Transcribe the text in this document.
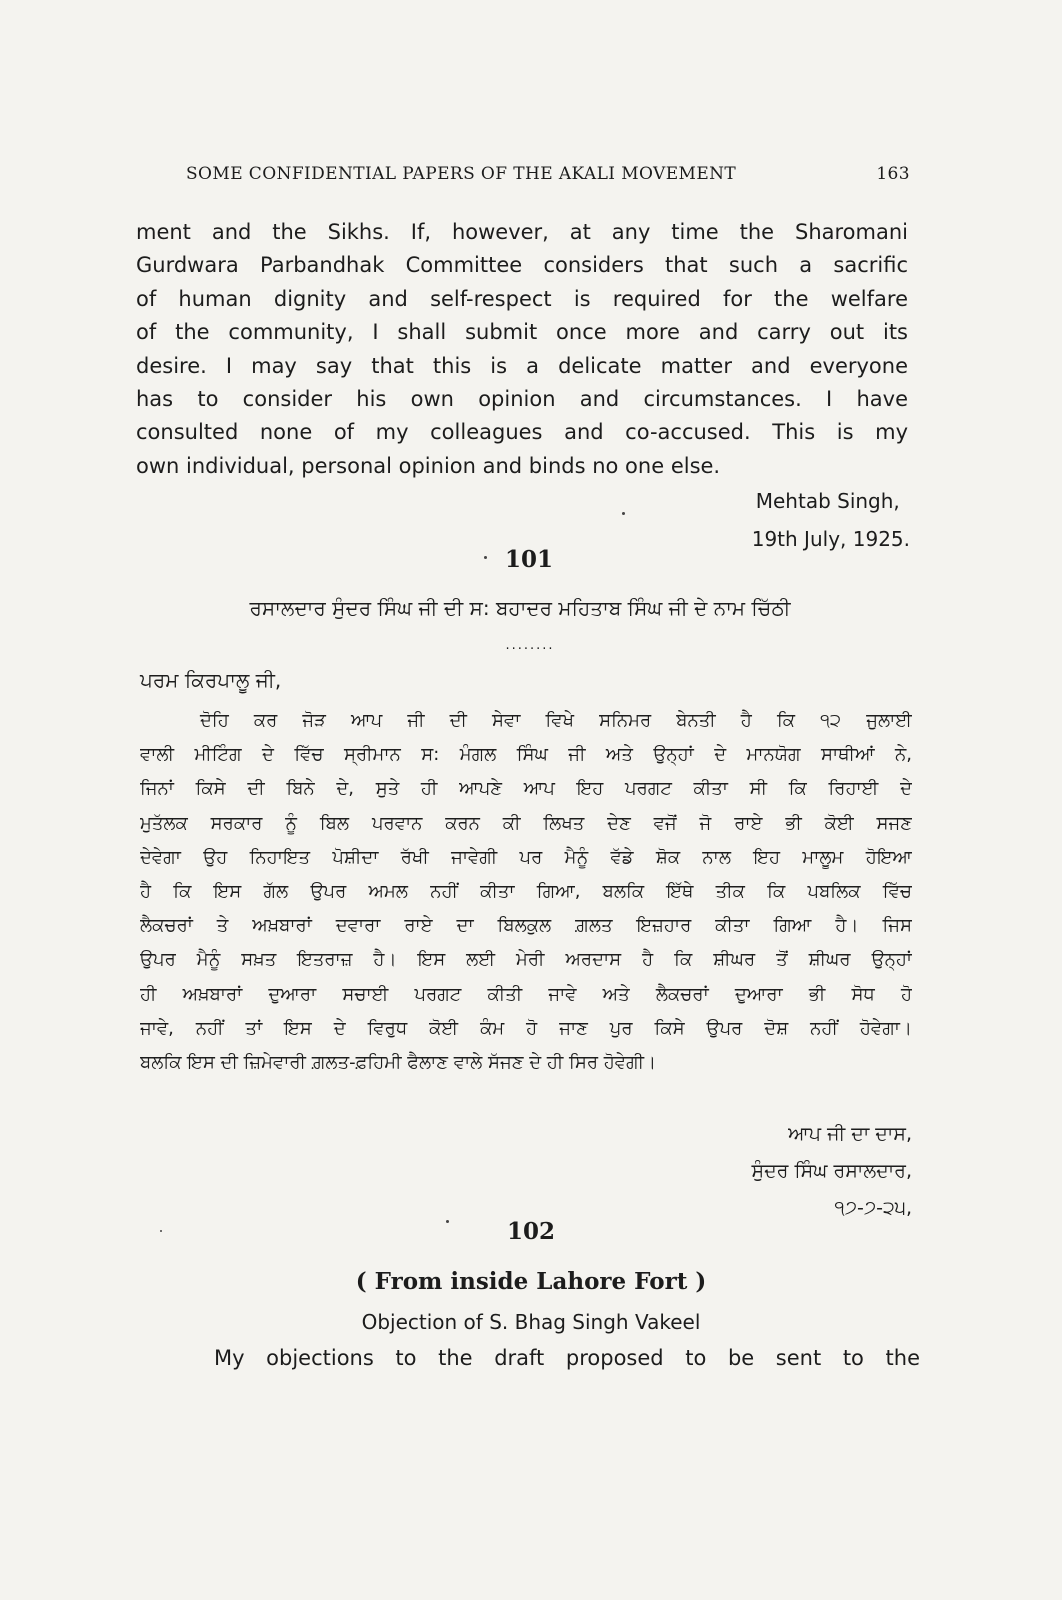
SOME CONFIDENTIAL PAPERS OF THE AKALI MOVEMENT	163
ment and the Sikhs. If, however, at any time the Sharomani
Gurdwara Parbandhak Committee considers that such a sacrific
of human dignity and self-respect is required for the welfare
of the community, I shall submit once more and carry out its
desire. I may say that this is a delicate matter and everyone
has to consider his own opinion and circumstances. I have
consulted none of my colleagues and co-accused. This is my
own individual, personal opinion and binds no one else.
Mehtab Singh,
19th July, 1925.
101
ਰਸਾਲਦਾਰ ਸੁੰਦਰ ਸਿੰਘ ਜੀ ਦੀ ਸ: ਬਹਾਦਰ ਮਹਿਤਾਬ ਸਿੰਘ ਜੀ ਦੇ ਨਾਮ ਚਿੱਠੀ
........
ਪਰਮ ਕਿਰਪਾਲੂ ਜੀ,
ਦੋਹਿ ਕਰ ਜੋੜ ਆਪ ਜੀ ਦੀ ਸੇਵਾ ਵਿਖੇ ਸਨਿਮਰ ਬੇਨਤੀ ਹੈ ਕਿ ੧੨ ਜੁਲਾਈ
ਵਾਲੀ ਮੀਟਿੰਗ ਦੇ ਵਿੱਚ ਸ੍ਰੀਮਾਨ ਸ: ਮੰਗਲ ਸਿੰਘ ਜੀ ਅਤੇ ਉਨ੍ਹਾਂ ਦੇ ਮਾਨਯੋਗ ਸਾਥੀਆਂ ਨੇ,
ਜਿਨਾਂ ਕਿਸੇ ਦੀ ਬਿਨੇ ਦੇ, ਸੁਤੇ ਹੀ ਆਪਣੇ ਆਪ ਇਹ ਪਰਗਟ ਕੀਤਾ ਸੀ ਕਿ ਰਿਹਾਈ ਦੇ
ਮੁਤੱਲਕ ਸਰਕਾਰ ਨੂੰ ਬਿਲ ਪਰਵਾਨ ਕਰਨ ਕੀ ਲਿਖਤ ਦੇਣ ਵਜੋਂ ਜੋ ਰਾਏ ਭੀ ਕੋਈ ਸਜਣ
ਦੇਵੇਗਾ ਉਹ ਨਿਹਾਇਤ ਪੋਸ਼ੀਦਾ ਰੱਖੀ ਜਾਵੇਗੀ ਪਰ ਮੈਨੂੰ ਵੱਡੇ ਸ਼ੋਕ ਨਾਲ ਇਹ ਮਾਲੂਮ ਹੋਇਆ
ਹੈ ਕਿ ਇਸ ਗੱਲ ਉਪਰ ਅਮਲ ਨਹੀਂ ਕੀਤਾ ਗਿਆ, ਬਲਕਿ ਇੱਥੇ ਤੀਕ ਕਿ ਪਬਲਿਕ ਵਿੱਚ
ਲੈਕਚਰਾਂ ਤੇ ਅਖ਼ਬਾਰਾਂ ਦਵਾਰਾ ਰਾਏ ਦਾ ਬਿਲਕੁਲ ਗ਼ਲਤ ਇਜ਼ਹਾਰ ਕੀਤਾ ਗਿਆ ਹੈ। ਜਿਸ
ਉਪਰ ਮੈਨੂੰ ਸਖ਼ਤ ਇਤਰਾਜ਼ ਹੈ। ਇਸ ਲਈ ਮੇਰੀ ਅਰਦਾਸ ਹੈ ਕਿ ਸ਼ੀਘਰ ਤੋਂ ਸ਼ੀਘਰ ਉਨ੍ਹਾਂ
ਹੀ ਅਖ਼ਬਾਰਾਂ ਦੁਆਰਾ ਸਚਾਈ ਪਰਗਟ ਕੀਤੀ ਜਾਵੇ ਅਤੇ ਲੈਕਚਰਾਂ ਦੁਆਰਾ ਭੀ ਸੋਧ ਹੋ
ਜਾਵੇ, ਨਹੀਂ ਤਾਂ ਇਸ ਦੇ ਵਿਰੁਧ ਕੋਈ ਕੰਮ ਹੋ ਜਾਣ ਪੁਰ ਕਿਸੇ ਉਪਰ ਦੋਸ਼ ਨਹੀਂ ਹੋਵੇਗਾ।
ਬਲਕਿ ਇਸ ਦੀ ਜ਼ਿਮੇਵਾਰੀ ਗ਼ਲਤ-ਫ਼ਹਿਮੀ ਫੈਲਾਣ ਵਾਲੇ ਸੱਜਣ ਦੇ ਹੀ ਸਿਰ ਹੋਵੇਗੀ।
ਆਪ ਜੀ ਦਾ ਦਾਸ,
ਸੁੰਦਰ ਸਿੰਘ ਰਸਾਲਦਾਰ,
੧੭-੭-੨੫,
102
( From inside Lahore Fort )
Objection of S. Bhag Singh Vakeel
My objections to the draft proposed to be sent to the
